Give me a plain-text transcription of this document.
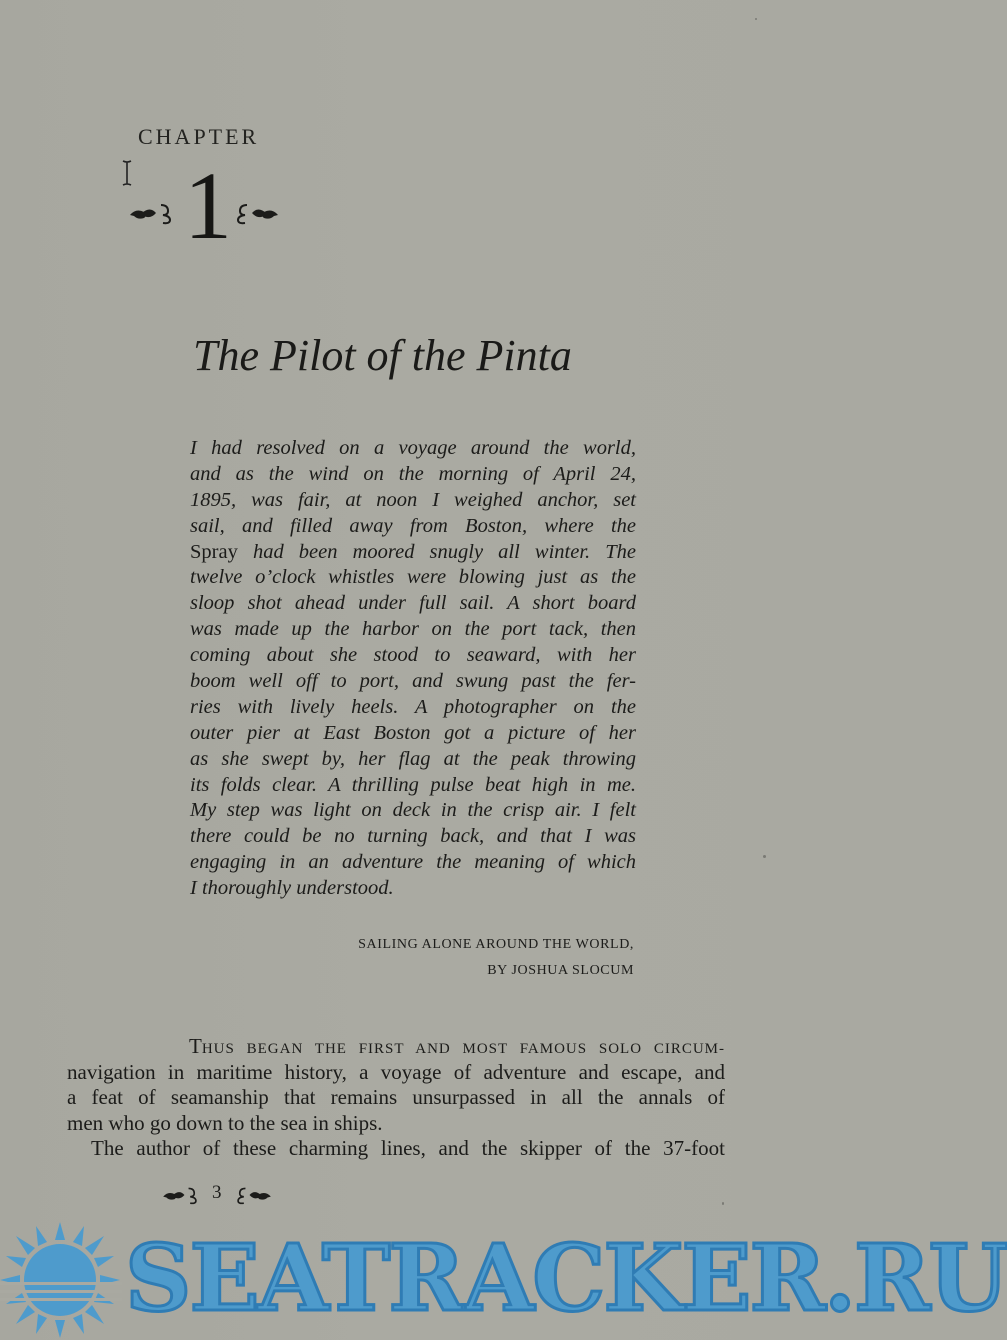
CHAPTER
1
The Pilot of the Pinta
I had resolved on a voyage around the world,
and as the wind on the morning of April 24,
1895, was fair, at noon I weighed anchor, set
sail, and filled away from Boston, where the
Spray had been moored snugly all winter. The
twelve o’clock whistles were blowing just as the
sloop shot ahead under full sail. A short board
was made up the harbor on the port tack, then
coming about she stood to seaward, with her
boom well off to port, and swung past the fer-
ries with lively heels. A photographer on the
outer pier at East Boston got a picture of her
as she swept by, her flag at the peak throwing
its folds clear. A thrilling pulse beat high in me.
My step was light on deck in the crisp air. I felt
there could be no turning back, and that I was
engaging in an adventure the meaning of which
I thoroughly understood.
SAILING ALONE AROUND THE WORLD,
BY JOSHUA SLOCUM
THUS BEGAN THE FIRST AND MOST FAMOUS SOLO CIRCUM-
navigation in maritime history, a voyage of adventure and escape, and
a feat of seamanship that remains unsurpassed in all the annals of
men who go down to the sea in ships.
The author of these charming lines, and the skipper of the 37-foot
3
SEATRACKER.RU
